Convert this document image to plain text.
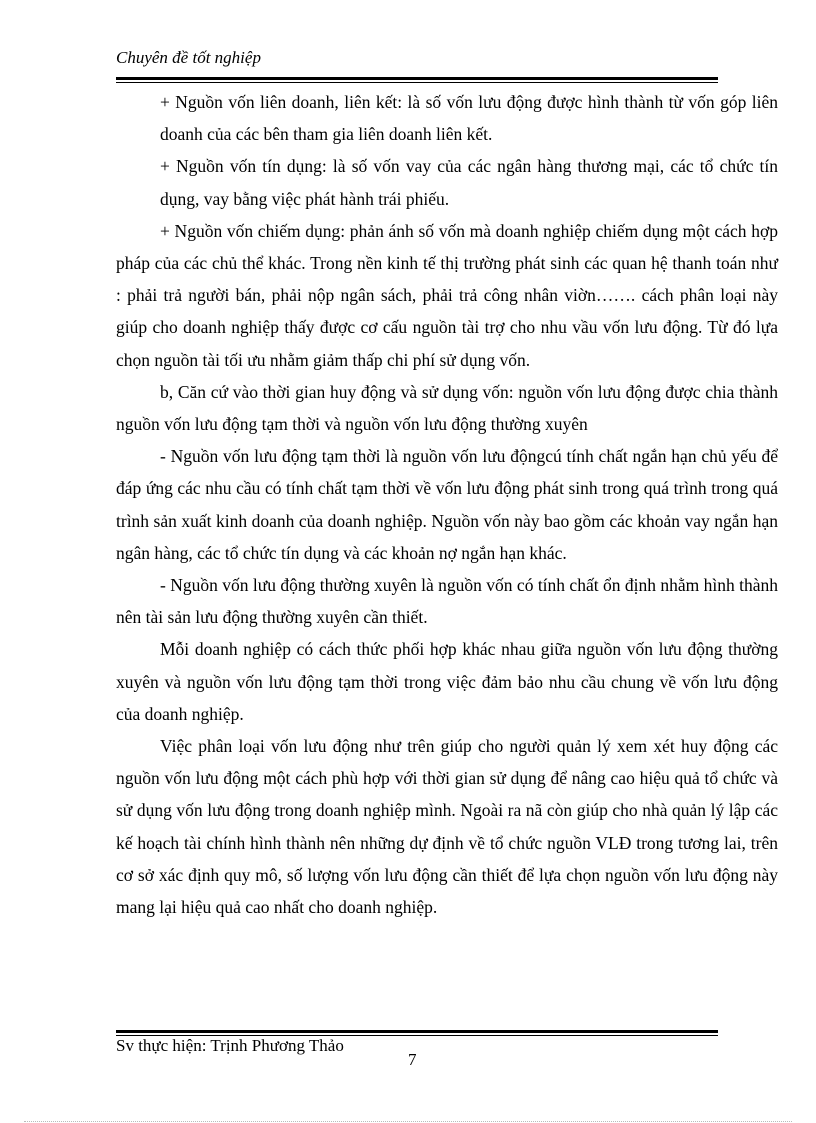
Chuyên đề tốt nghiệp

+ Nguồn vốn liên doanh, liên kết: là số vốn lưu động được hình thành từ vốn góp liên doanh của các bên tham gia liên doanh liên kết.

+ Nguồn vốn tín dụng: là số vốn vay của các ngân hàng thương mại, các tổ chức tín dụng, vay bằng việc phát hành trái phiếu.

+ Nguồn vốn chiếm dụng: phản ánh số vốn mà doanh nghiệp chiếm dụng một cách hợp pháp của các chủ thể khác. Trong nền kinh tế thị trường phát sinh các quan hệ thanh toán như : phải trả người bán, phải nộp ngân sách, phải trả công nhân viờn……. cách phân loại này giúp cho doanh nghiệp thấy được cơ cấu nguồn tài trợ cho nhu vầu vốn lưu động. Từ đó lựa chọn nguồn tài tối ưu nhằm giảm thấp chi phí sử dụng vốn.

b, Căn cứ vào thời gian huy động và sử dụng vốn: nguồn vốn lưu động được chia thành nguồn vốn lưu động tạm thời và nguồn vốn lưu động thường xuyên

- Nguồn vốn lưu động tạm thời là nguồn vốn lưu độngcú tính chất ngắn hạn chủ yếu để đáp ứng các nhu cầu có tính chất tạm thời về vốn lưu động phát sinh trong quá trình trong quá trình sản xuất kinh doanh của doanh nghiệp. Nguồn vốn này bao gồm các khoản vay ngắn hạn ngân hàng, các tổ chức tín dụng và các khoản nợ ngắn hạn khác.

- Nguồn vốn lưu động thường xuyên là nguồn vốn có tính chất ổn định nhằm hình thành nên tài sản lưu động thường xuyên cần thiết.

Mỗi doanh nghiệp có cách thức phối hợp khác nhau giữa nguồn vốn lưu động thường xuyên và nguồn vốn lưu động tạm thời trong việc đảm bảo nhu cầu chung về vốn lưu động của doanh nghiệp.

Việc phân loại vốn lưu động như trên giúp cho người quản lý xem xét huy động các nguồn vốn lưu động một cách phù hợp với thời gian sử dụng để nâng cao hiệu quả tổ chức và sử dụng vốn lưu động trong doanh nghiệp mình. Ngoài ra nã còn giúp cho nhà quản lý lập các kế hoạch tài chính hình thành nên những dự định về tổ chức nguồn VLĐ trong tương lai, trên cơ sở xác định quy mô, số lượng vốn lưu động cần thiết để lựa chọn nguồn vốn lưu động này mang lại hiệu quả cao nhất cho doanh nghiệp.

Sv thực hiện: Trịnh Phương Thảo
7
